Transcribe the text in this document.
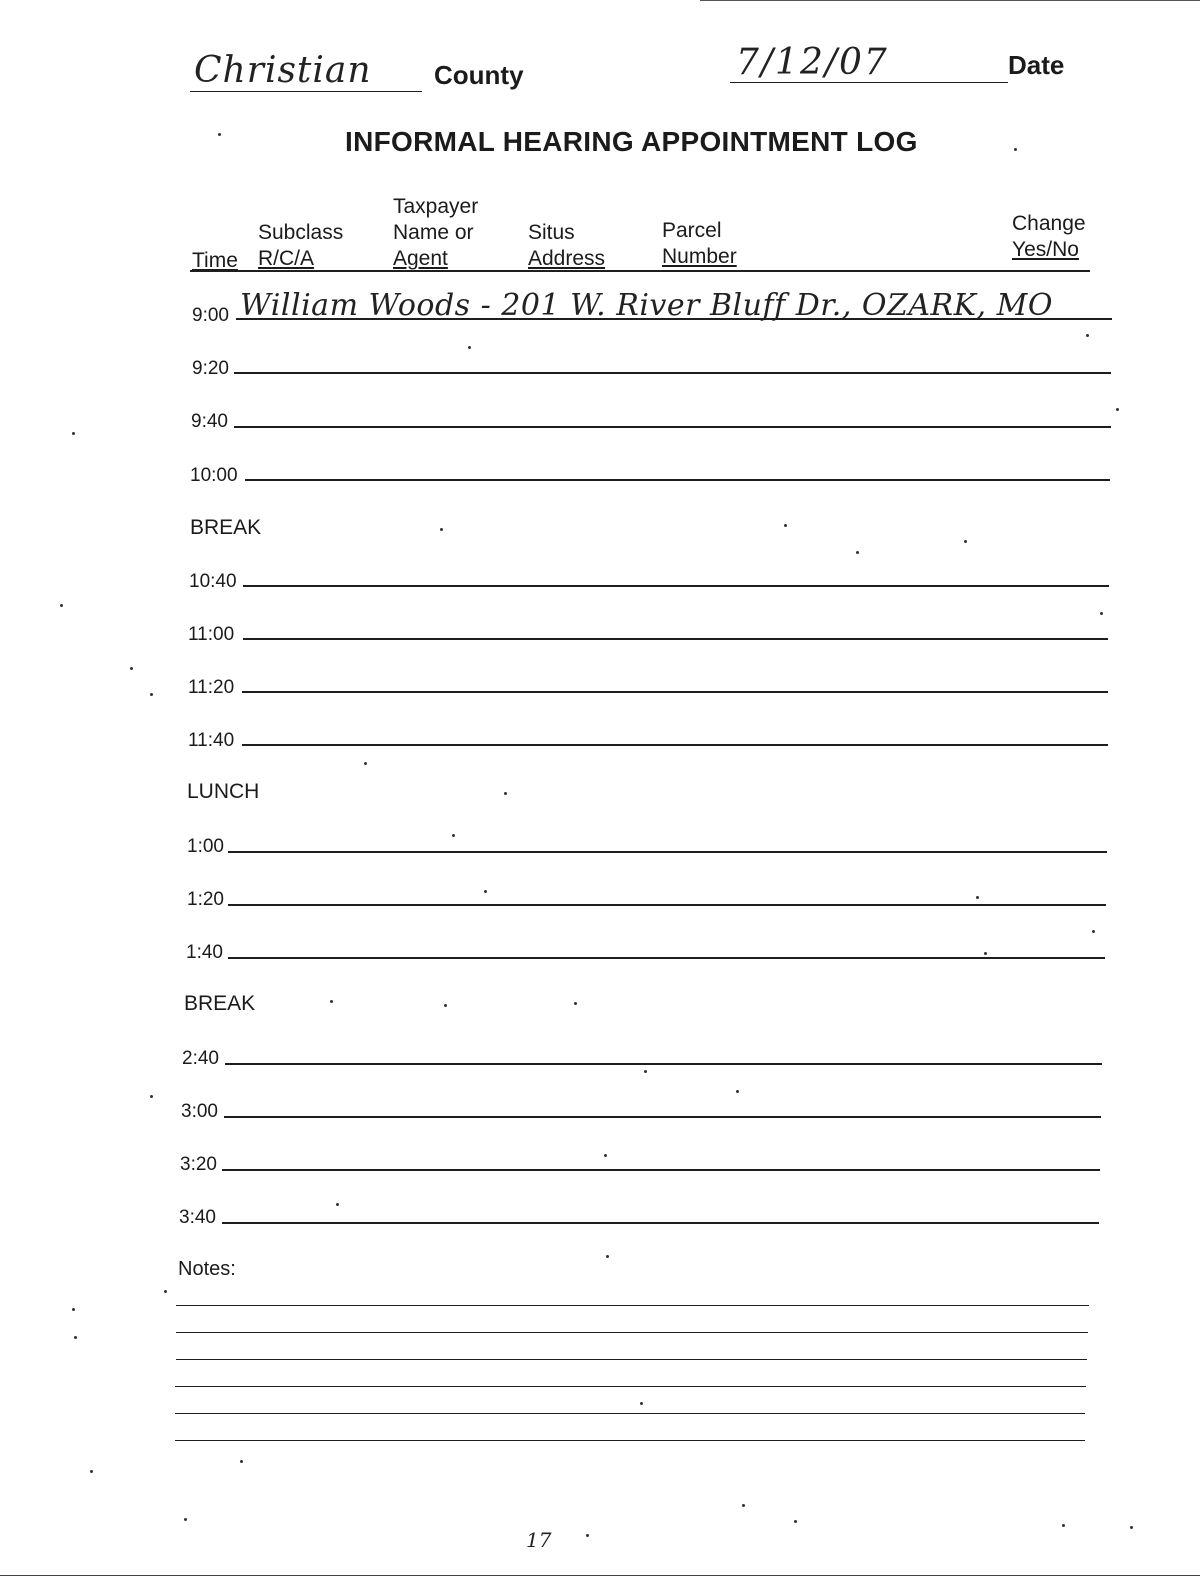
Christian County	7/12/07	Date
INFORMAL HEARING APPOINTMENT LOG
Time
Subclass
R/C/A
Taxpayer
Name or
Agent
Situs
Address
Parcel
Number
Change
Yes/No
9:00 William Woods - 201 W. River Bluff Dr., OZARK, MO
9:20
9:40
10:00
BREAK
10:40
11:00
11:20
11:40
LUNCH
1:00
1:20
1:40
BREAK
2:40
3:00
3:20
3:40
Notes:
17
